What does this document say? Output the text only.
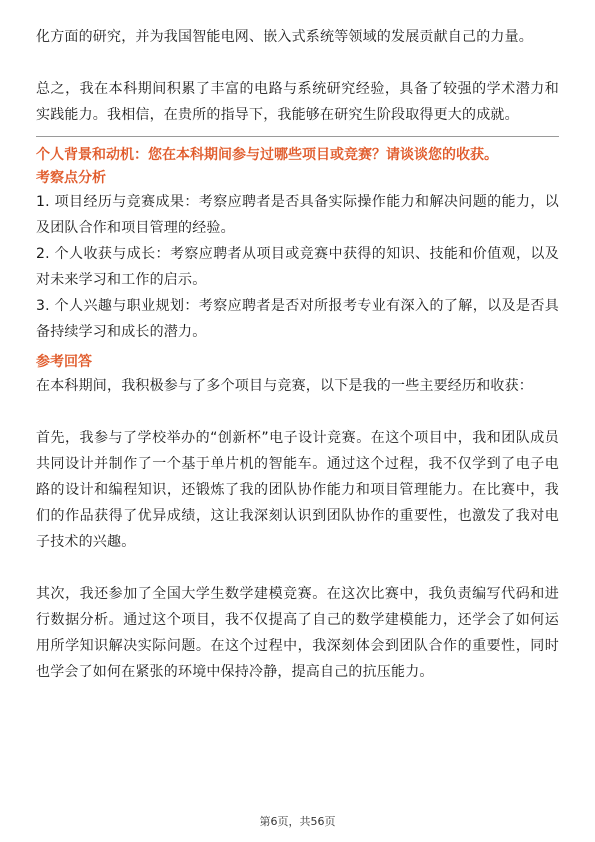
化方面的研究，并为我国智能电网、嵌入式系统等领域的发展贡献自己的力量。

总之，我在本科期间积累了丰富的电路与系统研究经验，具备了较强的学术潜力和实践能力。我相信，在贵所的指导下，我能够在研究生阶段取得更大的成就。

个人背景和动机：您在本科期间参与过哪些项目或竞赛？请谈谈您的收获。

考察点分析

1. 项目经历与竞赛成果：考察应聘者是否具备实际操作能力和解决问题的能力，以及团队合作和项目管理的经验。

2. 个人收获与成长：考察应聘者从项目或竞赛中获得的知识、技能和价值观，以及对未来学习和工作的启示。

3. 个人兴趣与职业规划：考察应聘者是否对所报考专业有深入的了解，以及是否具备持续学习和成长的潜力。

参考回答

在本科期间，我积极参与了多个项目与竞赛，以下是我的一些主要经历和收获：

首先，我参与了学校举办的“创新杯”电子设计竞赛。在这个项目中，我和团队成员共同设计并制作了一个基于单片机的智能车。通过这个过程，我不仅学到了电子电路的设计和编程知识，还锻炼了我的团队协作能力和项目管理能力。在比赛中，我们的作品获得了优异成绩，这让我深刻认识到团队协作的重要性，也激发了我对电子技术的兴趣。

其次，我还参加了全国大学生数学建模竞赛。在这次比赛中，我负责编写代码和进行数据分析。通过这个项目，我不仅提高了自己的数学建模能力，还学会了如何运用所学知识解决实际问题。在这个过程中，我深刻体会到团队合作的重要性，同时也学会了如何在紧张的环境中保持冷静，提高自己的抗压能力。

第6页，共56页
